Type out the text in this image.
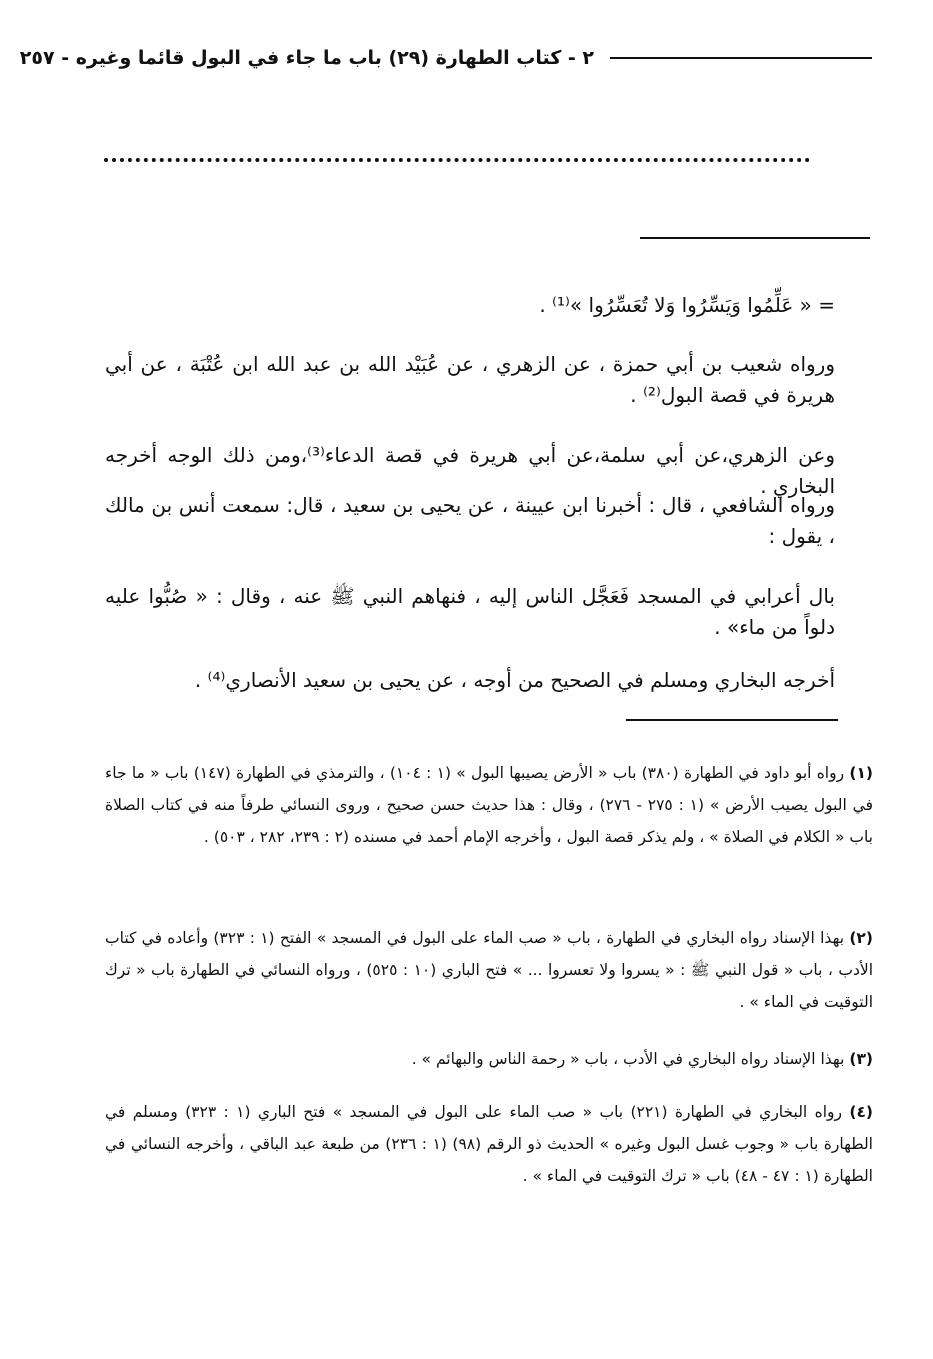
٢ - كتاب الطهارة (٢٩) باب ما جاء في البول قائما وغيره - ٢٥٧
= « عَلِّمُوا وَيَسِّرُوا وَلا تُعَسِّرُوا »⁽¹⁾ .
ورواه شعيب بن أبي حمزة ، عن الزهري ، عن عُبَيْد الله بن عبد الله ابن عُتْبَة ، عن أبي هريرة في قصة البول⁽²⁾ .
وعن الزهري،عن أبي سلمة،عن أبي هريرة في قصة الدعاء⁽³⁾،ومن ذلك الوجه أخرجه البخاري .
ورواه الشافعي ، قال : أخبرنا ابن عيينة ، عن يحيى بن سعيد ، قال: سمعت أنس بن مالك ، يقول :
بال أعرابي في المسجد فَعَجَّل الناس إليه ، فنهاهم النبي ﷺ عنه ، وقال : « صُبُّوا عليه دلواً من ماء» .
أخرجه البخاري ومسلم في الصحيح من أوجه ، عن يحيى بن سعيد الأنصاري⁽⁴⁾ .
(١) رواه أبو داود في الطهارة (٣٨٠) باب « الأرض يصيبها البول » (١ : ١٠٤) ، والترمذي في الطهارة (١٤٧) باب « ما جاء في البول يصيب الأرض » (١ : ٢٧٥ - ٢٧٦) ، وقال : هذا حديث حسن صحيح ، وروى النسائي طرفاً منه في كتاب الصلاة باب « الكلام في الصلاة » ، ولم يذكر قصة البول ، وأخرجه الإمام أحمد في مسنده (٢ : ٢٣٩، ٢٨٢ ، ٥٠٣) .
(٢) بهذا الإسناد رواه البخاري في الطهارة ، باب « صب الماء على البول في المسجد » الفتح (١ : ٣٢٣) وأعاده في كتاب الأدب ، باب « قول النبي ﷺ : « يسروا ولا تعسروا ... » فتح الباري (١٠ : ٥٢٥) ، ورواه النسائي في الطهارة باب « ترك التوقيت في الماء » .
(٣) بهذا الإسناد رواه البخاري في الأدب ، باب « رحمة الناس والبهائم » .
(٤) رواه البخاري في الطهارة (٢٢١) باب « صب الماء على البول في المسجد » فتح الباري (١ : ٣٢٣) ومسلم في الطهارة باب « وجوب غسل البول وغيره » الحديث ذو الرقم (٩٨) (١ : ٢٣٦) من طبعة عبد الباقي ، وأخرجه النسائي في الطهارة (١ : ٤٧ - ٤٨) باب « ترك التوقيت في الماء » .
